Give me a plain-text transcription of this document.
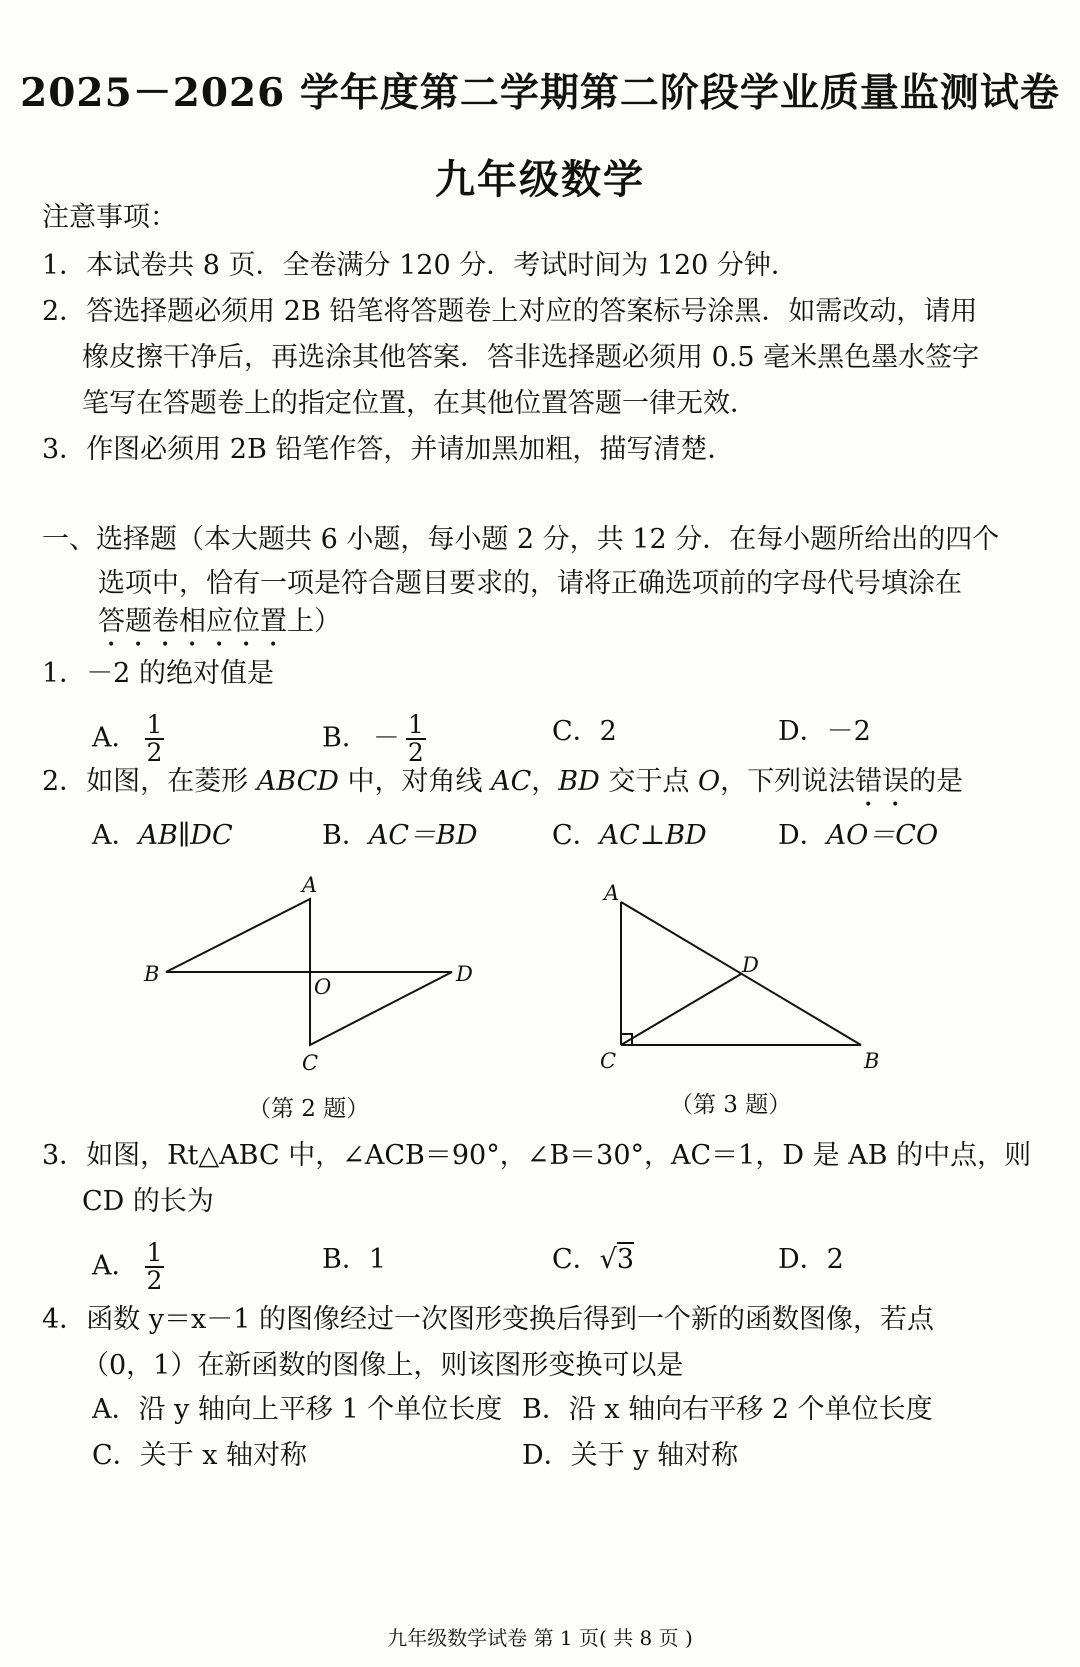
2025－2026 学年度第二学期第二阶段学业质量监测试卷
九年级数学
注意事项：
1．本试卷共 8 页．全卷满分 120 分．考试时间为 120 分钟．
2．答选择题必须用 2B 铅笔将答题卷上对应的答案标号涂黑．如需改动，请用
橡皮擦干净后，再选涂其他答案．答非选择题必须用 0.5 毫米黑色墨水签字
笔写在答题卷上的指定位置，在其他位置答题一律无效．
3．作图必须用 2B 铅笔作答，并请加黑加粗，描写清楚．
一、选择题（本大题共 6 小题，每小题 2 分，共 12 分．在每小题所给出的四个
选项中，恰有一项是符合题目要求的，请将正确选项前的字母代号填涂在
答题卷相应位置上）
1．－2 的绝对值是
A． $\frac{1}{2}$	B． － $\frac{1}{2}$	C．2	D．－2
2．如图，在菱形 ABCD 中，对角线 AC，BD 交于点 O，下列说法错误的是
A．AB∥DC	B．AC＝BD	C．AC⊥BD	D．AO＝CO
A
B	D
C
O
（第 2 题）
A
C	B
D
（第 3 题）
3．如图，Rt△ABC 中，∠ACB＝90°，∠B＝30°，AC＝1，D 是 AB 的中点，则
CD 的长为
A． $\frac{1}{2}$	B．1	C．√3	D．2
4．函数 y＝x－1 的图像经过一次图形变换后得到一个新的函数图像，若点
（0，1）在新函数的图像上，则该图形变换可以是
A．沿 y 轴向上平移 1 个单位长度 B．沿 x 轴向右平移 2 个单位长度
C．关于 x 轴对称	D．关于 y 轴对称
九年级数学试卷 第 1 页( 共 8 页 )
